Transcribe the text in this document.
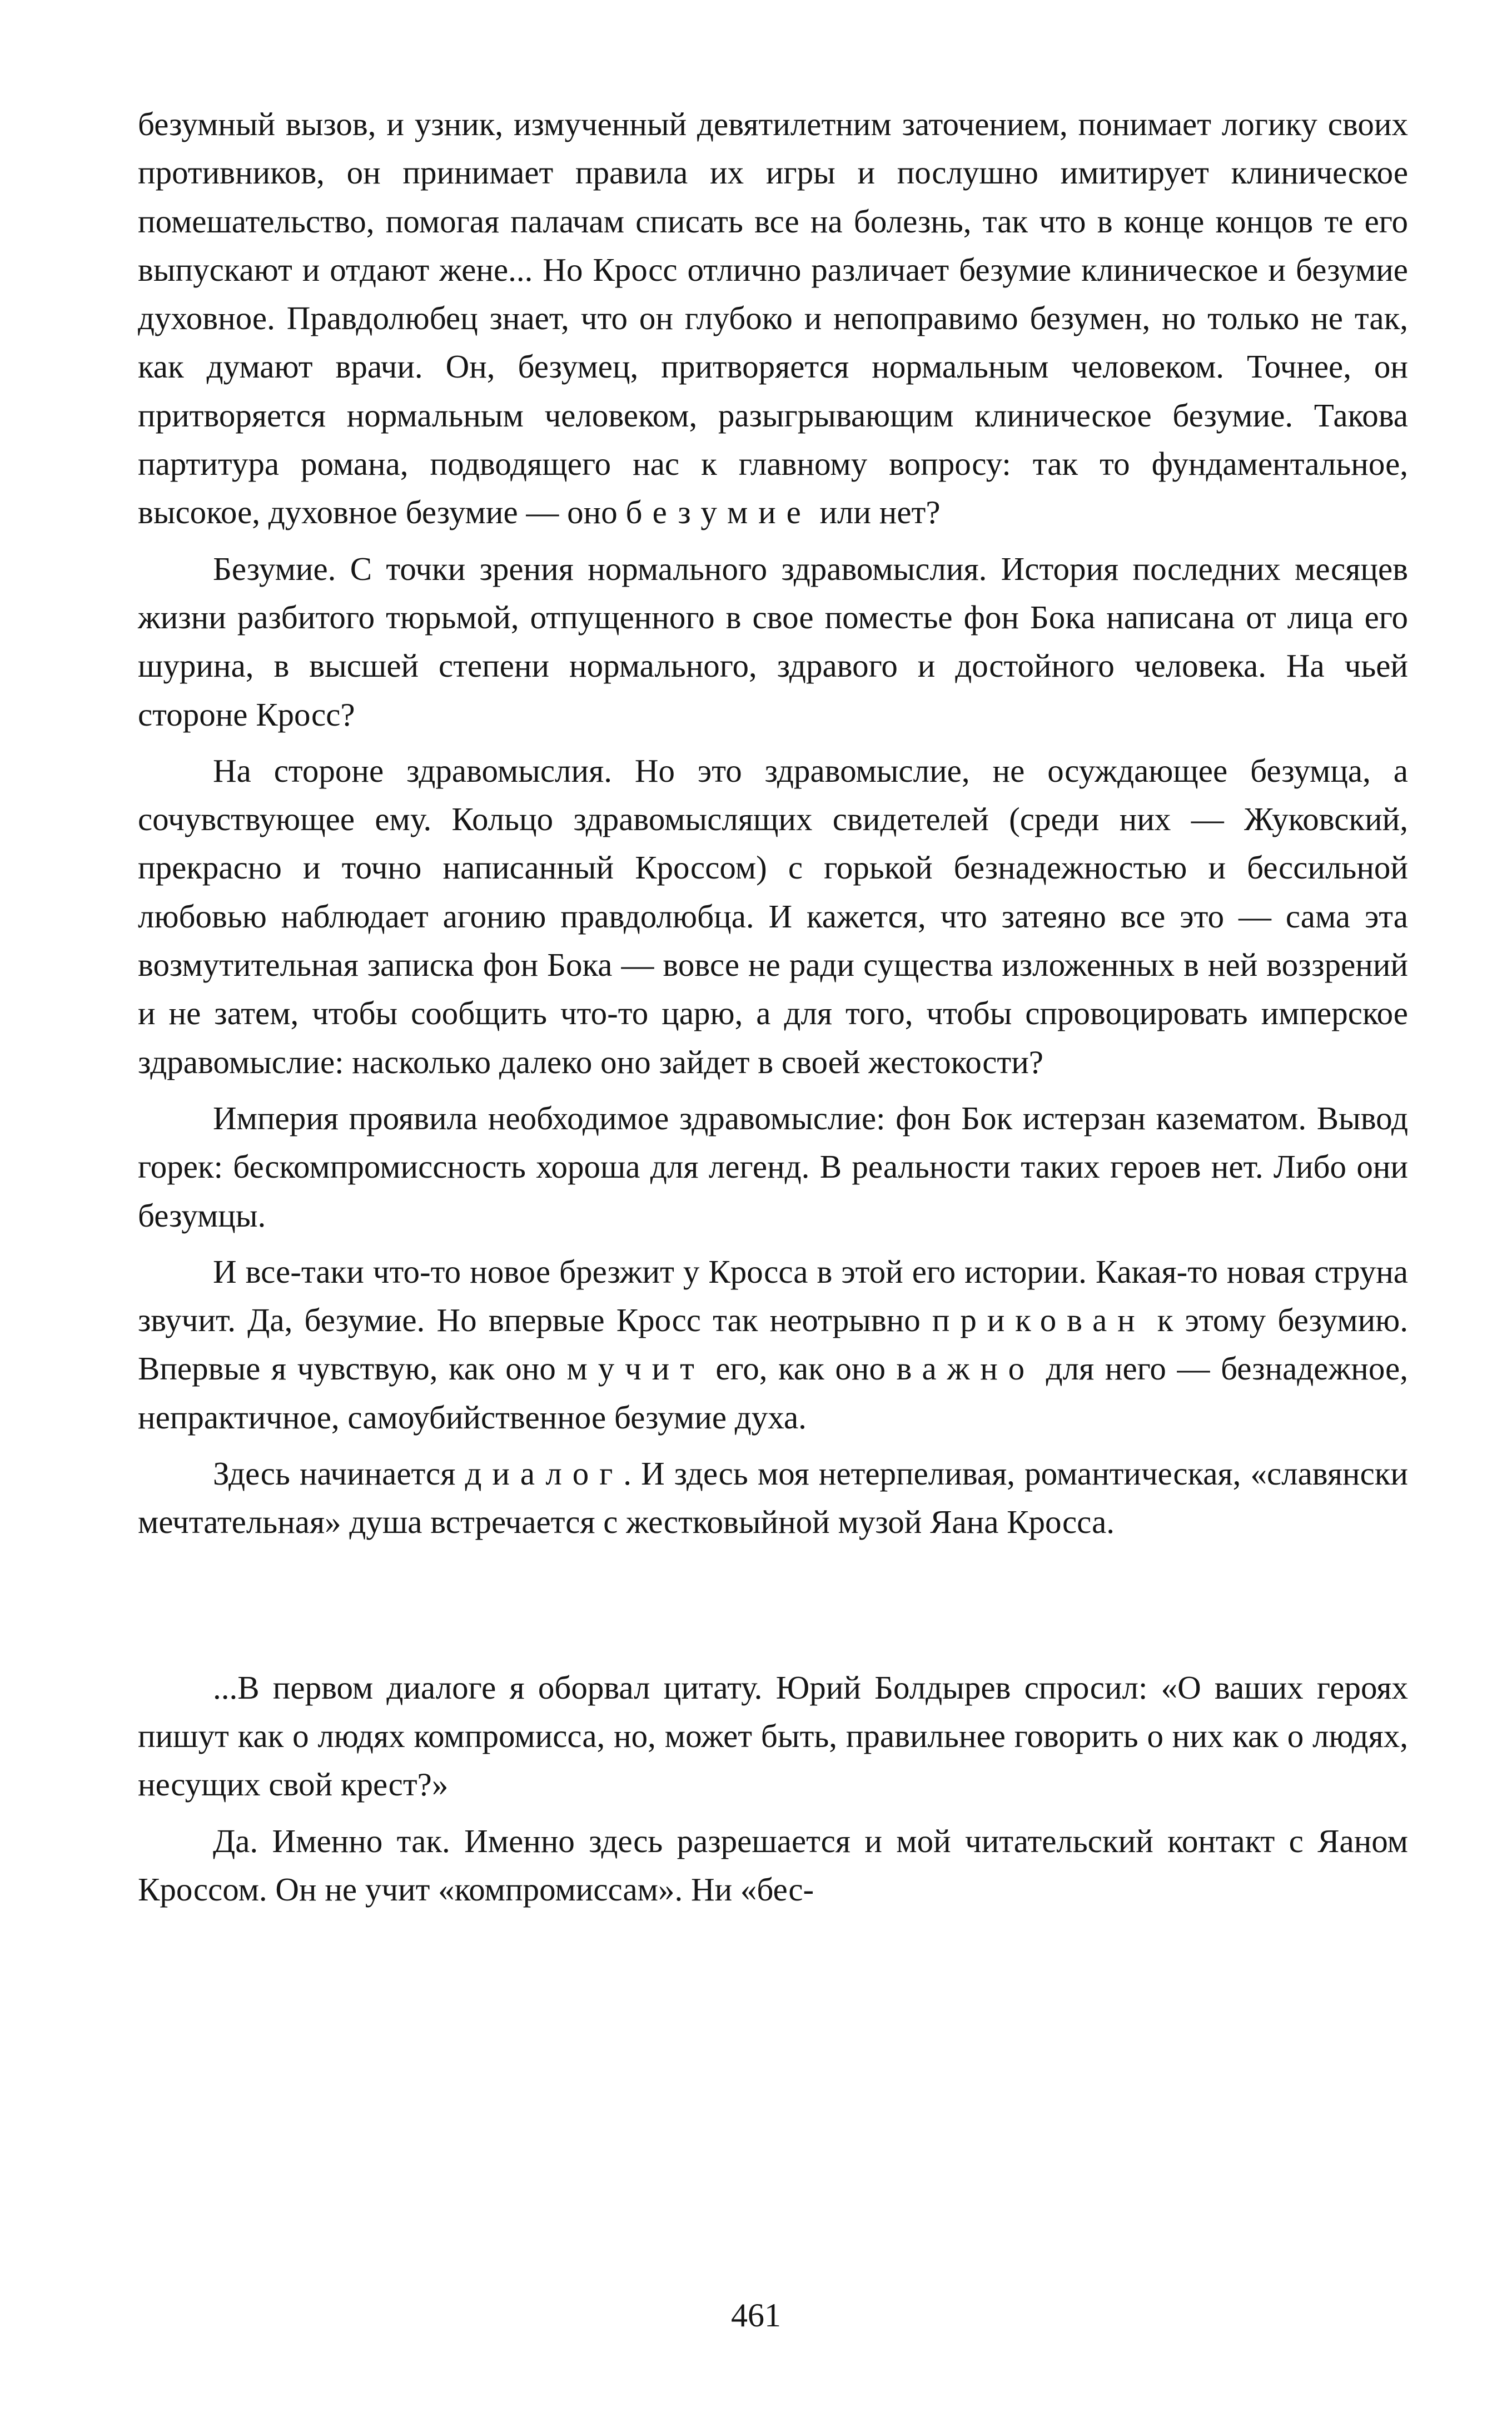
безумный вызов, и узник, измученный девятилетним заточением, понимает логику своих противников, он принимает правила их игры и послушно имитирует клиническое помешательство, помогая палачам списать все на болезнь, так что в конце концов те его выпускают и отдают жене... Но Кросс отлично различает безумие клиническое и безумие духовное. Правдолюбец знает, что он глубоко и непоправимо безумен, но только не так, как думают врачи. Он, безумец, притворяется нормальным человеком. Точнее, он притворяется нормальным человеком, разыгрывающим клиническое безумие. Такова партитура романа, подводящего нас к главному вопросу: так то фундаментальное, высокое, духовное безумие — оно безумие или нет?

Безумие. С точки зрения нормального здравомыслия. История последних месяцев жизни разбитого тюрьмой, отпущенного в свое поместье фон Бока написана от лица его шурина, в высшей степени нормального, здравого и достойного человека. На чьей стороне Кросс?

На стороне здравомыслия. Но это здравомыслие, не осуждающее безумца, а сочувствующее ему. Кольцо здравомыслящих свидетелей (среди них — Жуковский, прекрасно и точно написанный Кроссом) с горькой безнадежностью и бессильной любовью наблюдает агонию правдолюбца. И кажется, что затеяно все это — сама эта возмутительная записка фон Бока — вовсе не ради существа изложенных в ней воззрений и не затем, чтобы сообщить что-то царю, а для того, чтобы спровоцировать имперское здравомыслие: насколько далеко оно зайдет в своей жестокости?

Империя проявила необходимое здравомыслие: фон Бок истерзан казематом. Вывод горек: бескомпромиссность хороша для легенд. В реальности таких героев нет. Либо они безумцы.

И все-таки что-то новое брезжит у Кросса в этой его истории. Какая-то новая струна звучит. Да, безумие. Но впервые Кросс так неотрывно прикован к этому безумию. Впервые я чувствую, как оно мучит его, как оно важно для него — безнадежное, непрактичное, самоубийственное безумие духа.

Здесь начинается диалог. И здесь моя нетерпеливая, романтическая, «славянски мечтательная» душа встречается с жестковыйной музой Яана Кросса.

...В первом диалоге я оборвал цитату. Юрий Болдырев спросил: «О ваших героях пишут как о людях компромисса, но, может быть, правильнее говорить о них как о людях, несущих свой крест?»

Да. Именно так. Именно здесь разрешается и мой читательский контакт с Яаном Кроссом. Он не учит «компромиссам». Ни «бес-

461
